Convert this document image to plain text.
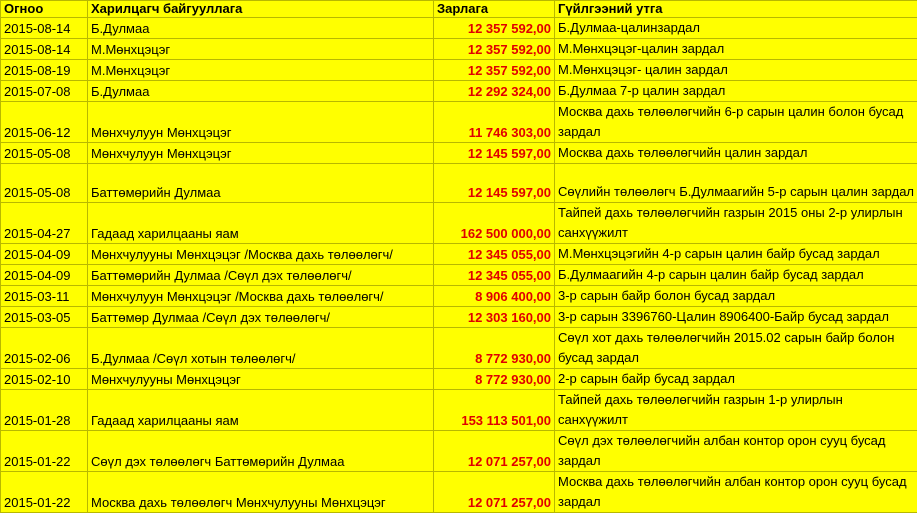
Огноо	Харилцагч байгууллага	Зарлага	Гүйлгээний утга
2015-08-14	Б.Дулмаа	12 357 592,00	Б.Дулмаа-цалинзардал
2015-08-14	М.Мөнхцэцэг	12 357 592,00	М.Мөнхцэцэг-цалин зардал
2015-08-19	М.Мөнхцэцэг	12 357 592,00	М.Мөнхцэцэг- цалин зардал
2015-07-08	Б.Дулмаа	12 292 324,00	Б.Дулмаа 7-р цалин зардал
2015-06-12	Мөнхчулуун Мөнхцэцэг	11 746 303,00	Москва дахь төлөөлөгчийн 6-р сарын цалин болон бусад зардал
2015-05-08	Мөнхчулуун Мөнхцэцэг	12 145 597,00	Москва дахь төлөөлөгчийн цалин зардал
2015-05-08	Баттөмөрийн Дулмаа	12 145 597,00	Сөүлийн төлөөлөгч Б.Дулмаагийн 5-р сарын цалин зардал
2015-04-27	Гадаад харилцааны яам	162 500 000,00	Тайпей дахь төлөөлөгчийн газрын 2015 оны 2-р улирлын санхүүжилт
2015-04-09	Мөнхчулууны Мөнхцэцэг /Москва дахь төлөөлөгч/	12 345 055,00	М.Мөнхцэцэгийн 4-р сарын цалин байр бусад зардал
2015-04-09	Баттөмөрийн Дулмаа /Сөүл дэх төлөөлөгч/	12 345 055,00	Б.Дулмаагийн 4-р сарын цалин байр бусад зардал
2015-03-11	Мөнхчулуун Мөнхцэцэг /Москва дахь төлөөлөгч/	8 906 400,00	3-р сарын байр болон бусад зардал
2015-03-05	Баттөмөр Дулмаа /Сөүл дэх төлөөлөгч/	12 303 160,00	3-р сарын 3396760-Цалин 8906400-Байр бусад зардал
2015-02-06	Б.Дулмаа /Сөүл хотын төлөөлөгч/	8 772 930,00	Сөүл хот дахь төлөөлөгчийн 2015.02 сарын байр болон бусад зардал
2015-02-10	Мөнхчулууны Мөнхцэцэг	8 772 930,00	2-р сарын байр бусад зардал
2015-01-28	Гадаад харилцааны яам	153 113 501,00	Тайпей дахь төлөөлөгчийн газрын 1-р улирлын санхүүжилт
2015-01-22	Сөүл дэх төлөөлөгч Баттөмөрийн Дулмаа	12 071 257,00	Сөүл дэх төлөөлөгчийн албан контор орон сууц бусад зардал
2015-01-22	Москва дахь төлөөлөгч Мөнхчулууны Мөнхцэцэг	12 071 257,00	Москва дахь төлөөлөгчийн албан контор орон сууц бусад зардал
